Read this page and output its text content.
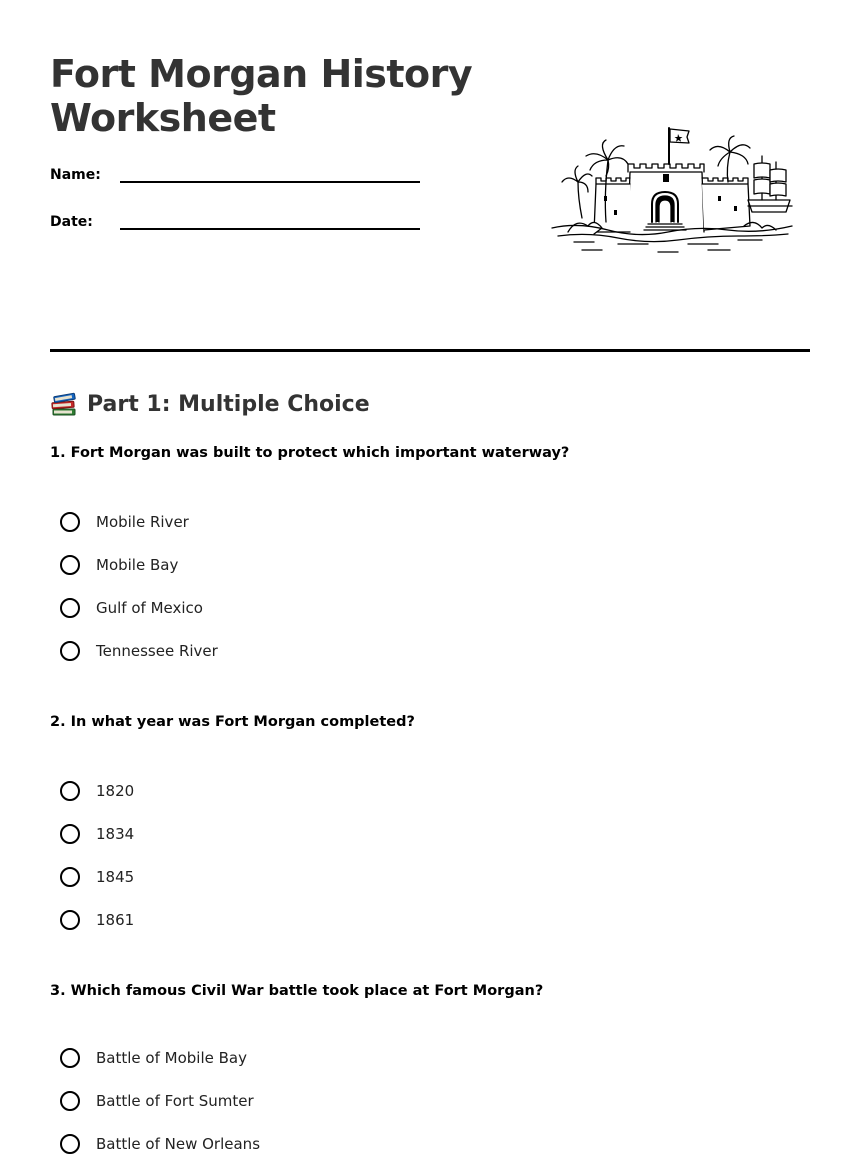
Fort Morgan History Worksheet
Name:
Date:
Part 1: Multiple Choice
1. Fort Morgan was built to protect which important waterway?
Mobile River
Mobile Bay
Gulf of Mexico
Tennessee River
2. In what year was Fort Morgan completed?
1820
1834
1845
1861
3. Which famous Civil War battle took place at Fort Morgan?
Battle of Mobile Bay
Battle of Fort Sumter
Battle of New Orleans
